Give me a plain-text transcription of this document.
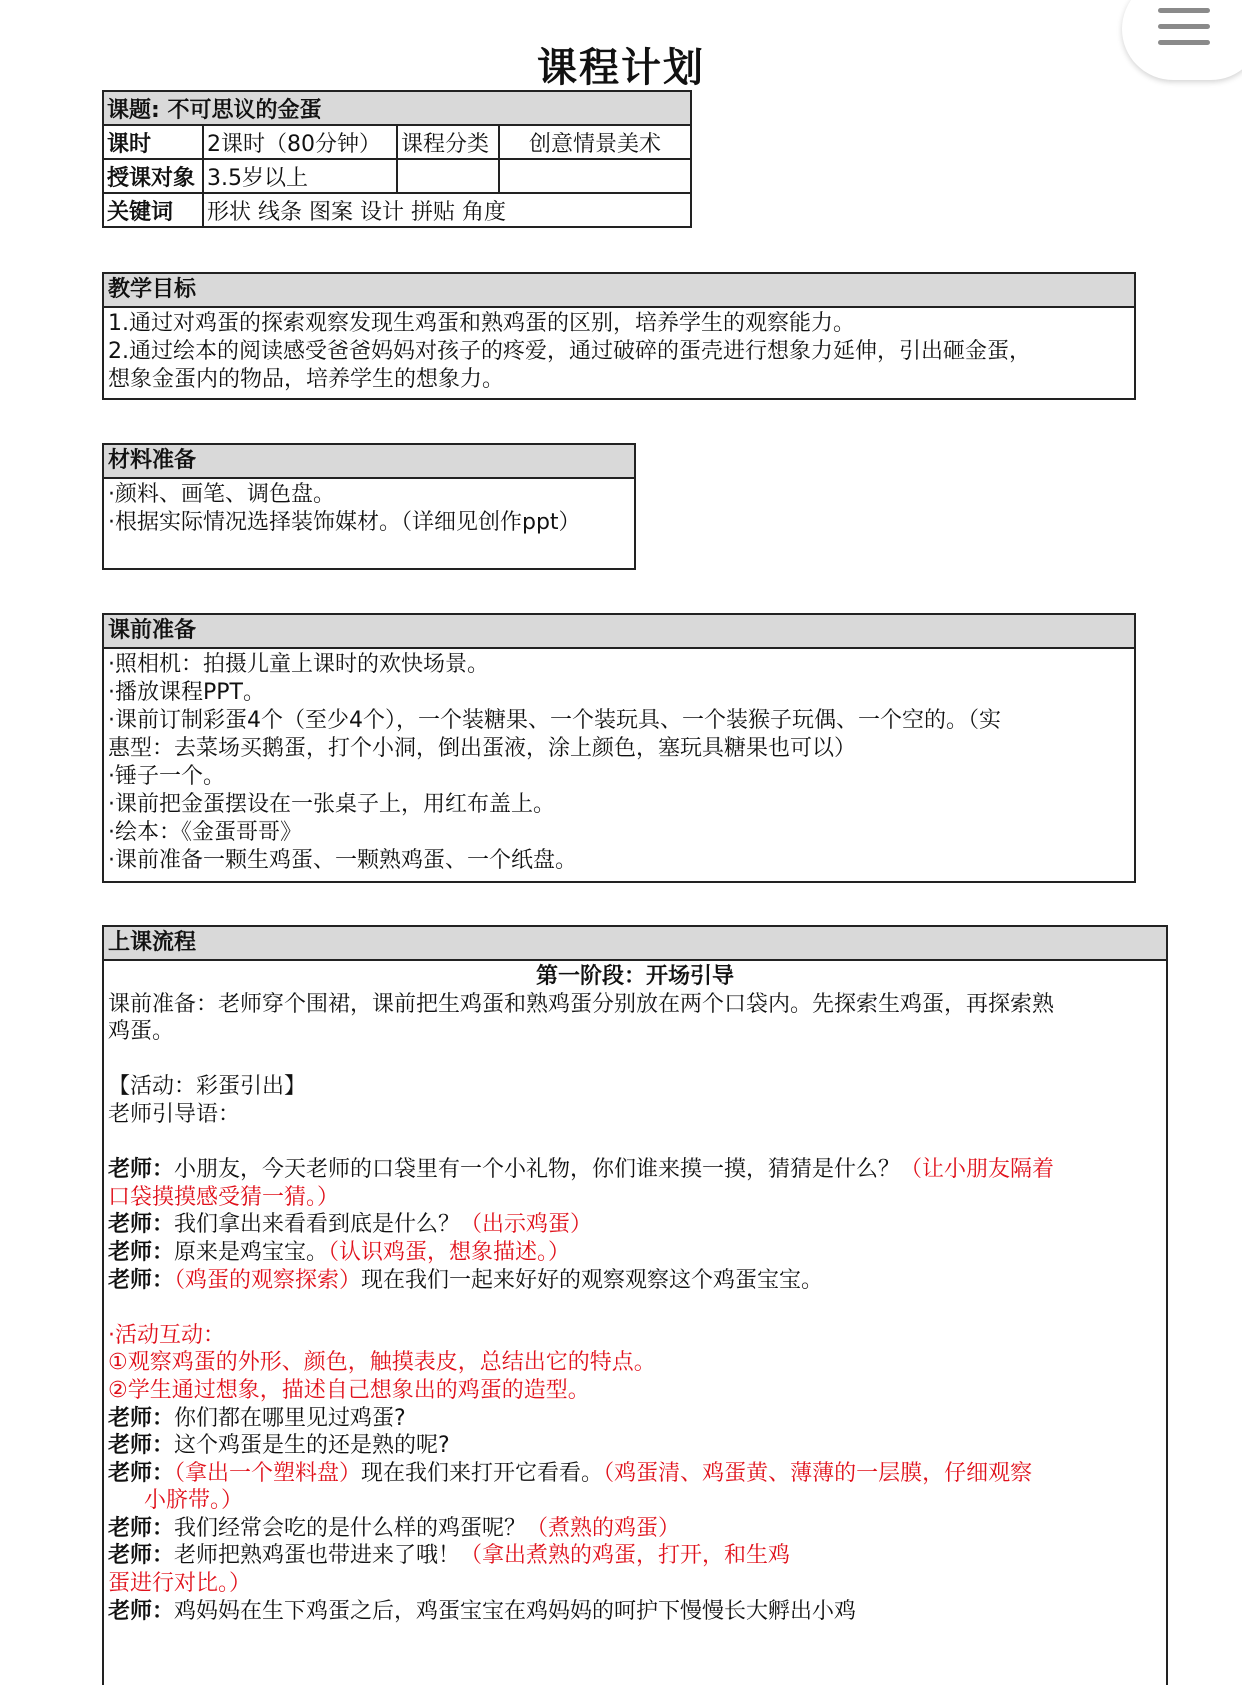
课程计划
课题: 不可思议的金蛋			
课时	2课时（80分钟）	课程分类	创意情景美术
授课对象	3.5岁以上		
关键词	形状 线条 图案 设计 拼贴 角度		
教学目标
1.通过对鸡蛋的探索观察发现生鸡蛋和熟鸡蛋的区别，培养学生的观察能力。
2.通过绘本的阅读感受爸爸妈妈对孩子的疼爱，通过破碎的蛋壳进行想象力延伸，引出砸金蛋，
想象金蛋内的物品，培养学生的想象力。
材料准备
·颜料、画笔、调色盘。
·根据实际情况选择装饰媒材。（详细见创作ppt）
课前准备
·照相机：拍摄儿童上课时的欢快场景。
·播放课程PPT。
·课前订制彩蛋4个（至少4个），一个装糖果、一个装玩具、一个装猴子玩偶、一个空的。（实
惠型：去菜场买鹅蛋，打个小洞，倒出蛋液，涂上颜色，塞玩具糖果也可以）
·锤子一个。
·课前把金蛋摆设在一张桌子上，用红布盖上。
·绘本：《金蛋哥哥》
·课前准备一颗生鸡蛋、一颗熟鸡蛋、一个纸盘。
上课流程
第一阶段：开场引导
课前准备：老师穿个围裙，课前把生鸡蛋和熟鸡蛋分别放在两个口袋内。先探索生鸡蛋，再探索熟
鸡蛋。
【活动：彩蛋引出】
老师引导语：
老师：小朋友，今天老师的口袋里有一个小礼物，你们谁来摸一摸，猜猜是什么？（让小朋友隔着
口袋摸摸感受猜一猜。）
老师：我们拿出来看看到底是什么？（出示鸡蛋）
老师：原来是鸡宝宝。（认识鸡蛋，想象描述。）
老师：（鸡蛋的观察探索）现在我们一起来好好的观察观察这个鸡蛋宝宝。
·活动互动：
①观察鸡蛋的外形、颜色，触摸表皮，总结出它的特点。
②学生通过想象，描述自己想象出的鸡蛋的造型。
老师：你们都在哪里见过鸡蛋?
老师：这个鸡蛋是生的还是熟的呢?
老师：（拿出一个塑料盘）现在我们来打开它看看。（鸡蛋清、鸡蛋黄、薄薄的一层膜，仔细观察
小脐带。）
老师：我们经常会吃的是什么样的鸡蛋呢？（煮熟的鸡蛋）
老师：老师把熟鸡蛋也带进来了哦！（拿出煮熟的鸡蛋，打开，和生鸡
蛋进行对比。）
老师：鸡妈妈在生下鸡蛋之后，鸡蛋宝宝在鸡妈妈的呵护下慢慢长大孵出小鸡
